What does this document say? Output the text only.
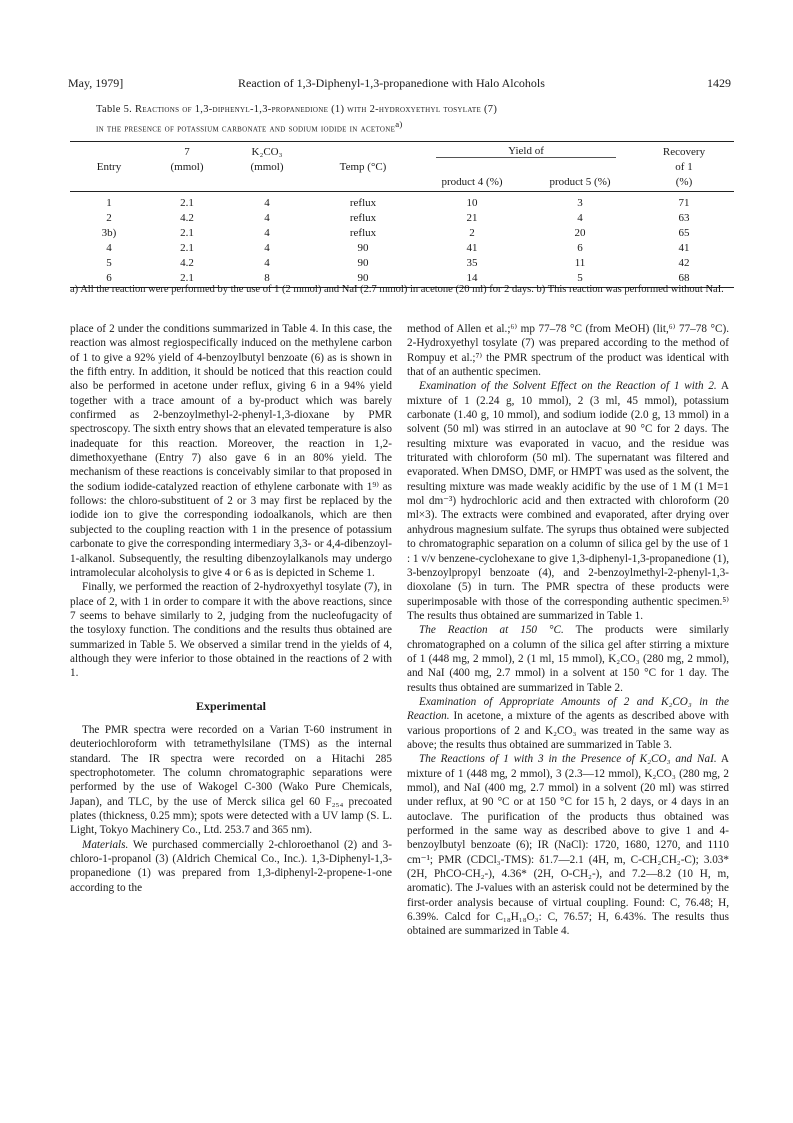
May, 1979]	Reaction of 1,3-Diphenyl-1,3-propanedione with Halo Alcohols	1429
Table 5. Reactions of 1,3-diphenyl-1,3-propanedione (1) with 2-hydroxyethyl tosylate (7)
in the presence of potassium carbonate and sodium iodide in acetone$^{a)}$
	7	K₂CO₃		Yield of		Recovery
Entry	(mmol)	(mmol)	Temp (°C)			of 1
				product 4 (%)	product 5 (%)	(%)
1	2.1	4	reflux	10	3	71
2	4.2	4	reflux	21	4	63
3b)	2.1	4	reflux	2	20	65
4	2.1	4	90	41	6	41
5	4.2	4	90	35	11	42
6	2.1	8	90	14	5	68
a) All the reaction were performed by the use of 1 (2 mmol) and NaI (2.7 mmol) in acetone (20 ml) for 2 days. b) This reaction was performed without NaI.

place of 2 under the conditions summarized in Table 4. In this case, the reaction was almost regiospecifically induced on the methylene carbon of 1 to give a 92% yield of 4-benzoylbutyl benzoate (6) as is shown in the fifth entry. In addition, it should be noticed that this reaction could also be performed in acetone under reflux, giving 6 in a 94% yield together with a trace amount of a by-product which was barely confirmed as 2-benzoylmethyl-2-phenyl-1,3-dioxane by PMR spectroscopy. The sixth entry shows that an elevated temperature is also inadequate for this reaction. Moreover, the reaction in 1,2-dimethoxyethane (Entry 7) also gave 6 in an 80% yield. The mechanism of these reactions is conceivably similar to that proposed in the sodium iodide-catalyzed reaction of ethylene carbonate with 1⁹⁾ as follows: the chloro-substituent of 2 or 3 may first be replaced by the iodide ion to give the corresponding iodoalkanols, which are then subjected to the coupling reaction with 1 in the presence of potassium carbonate to give the corresponding intermediary 3,3- or 4,4-dibenzoyl-1-alkanol. Subsequently, the resulting dibenzoylalkanols may undergo intramolecular alcoholysis to give 4 or 6 as is depicted in Scheme 1.

Finally, we performed the reaction of 2-hydroxyethyl tosylate (7), in place of 2, with 1 in order to compare it with the above reactions, since 7 seems to behave similarly to 2, judging from the nucleofugacity of the tosyloxy function. The conditions and the results thus obtained are summarized in Table 5. We observed a similar trend in the yields of 4, although they were inferior to those obtained in the reactions of 2 with 1.

Experimental

The PMR spectra were recorded on a Varian T-60 instrument in deuteriochloroform with tetramethylsilane (TMS) as the internal standard. The IR spectra were recorded on a Hitachi 285 spectrophotometer. The column chromatographic separations were performed by the use of Wakogel C-300 (Wako Pure Chemicals, Japan), and TLC, by the use of Merck silica gel 60 F₂₅₄ precoated plates (thickness, 0.25 mm); spots were detected with a UV lamp (S. L. Light, Tokyo Machinery Co., Ltd. 253.7 and 365 nm).

Materials. We purchased commercially 2-chloroethanol (2) and 3-chloro-1-propanol (3) (Aldrich Chemical Co., Inc.). 1,3-Diphenyl-1,3-propanedione (1) was prepared from 1,3-diphenyl-2-propene-1-one according to the

method of Allen et al.;⁶⁾ mp 77–78 °C (from MeOH) (lit,⁶⁾ 77–78 °C). 2-Hydroxyethyl tosylate (7) was prepared according to the method of Rompuy et al.;⁷⁾ the PMR spectrum of the product was identical with that of an authentic specimen.

Examination of the Solvent Effect on the Reaction of 1 with 2. A mixture of 1 (2.24 g, 10 mmol), 2 (3 ml, 45 mmol), potassium carbonate (1.40 g, 10 mmol), and sodium iodide (2.0 g, 13 mmol) in a solvent (50 ml) was stirred in an autoclave at 90 °C for 2 days. The resulting mixture was evaporated in vacuo, and the residue was triturated with chloroform (50 ml). The supernatant was filtered and evaporated. When DMSO, DMF, or HMPT was used as the solvent, the resulting mixture was made weakly acidific by the use of 1 M (1 M=1 mol dm⁻³) hydrochloric acid and then extracted with chloroform (20 ml×3). The extracts were combined and evaporated, after drying over anhydrous magnesium sulfate. The syrups thus obtained were subjected to chromatographic separation on a column of silica gel by the use of 1 : 1 v/v benzene-cyclohexane to give 1,3-diphenyl-1,3-propanedione (1), 3-benzoylpropyl benzoate (4), and 2-benzoylmethyl-2-phenyl-1,3-dioxolane (5) in turn. The PMR spectra of these products were superimposable with those of the corresponding authentic specimen.⁵⁾ The results thus obtained are summarized in Table 1.

The Reaction at 150 °C. The products were similarly chromatographed on a column of the silica gel after stirring a mixture of 1 (448 mg, 2 mmol), 2 (1 ml, 15 mmol), K₂CO₃ (280 mg, 2 mmol), and NaI (400 mg, 2.7 mmol) in a solvent at 150 °C for 1 day. The results thus obtained are summarized in Table 2.

Examination of Appropriate Amounts of 2 and K₂CO₃ in the Reaction. In acetone, a mixture of the agents as described above with various proportions of 2 and K₂CO₃ was treated in the same way as above; the results thus obtained are summarized in Table 3.

The Reactions of 1 with 3 in the Presence of K₂CO₃ and NaI. A mixture of 1 (448 mg, 2 mmol), 3 (2.3—12 mmol), K₂CO₃ (280 mg, 2 mmol), and NaI (400 mg, 2.7 mmol) in a solvent (20 ml) was stirred under reflux, at 90 °C or at 150 °C for 15 h, 2 days, or 4 days in an autoclave. The purification of the products thus obtained was performed in the same way as described above to give 1 and 4-benzoylbutyl benzoate (6); IR (NaCl): 1720, 1680, 1270, and 1110 cm⁻¹; PMR (CDCl₃-TMS): δ1.7—2.1 (4H, m, C-CH₂CH₂-C); 3.03* (2H, PhCO-CH₂-), 4.36* (2H, O-CH₂-), and 7.2—8.2 (10 H, m, aromatic). The J-values with an asterisk could not be determined by the first-order analysis because of virtual coupling. Found: C, 76.48; H, 6.39%. Calcd for C₁₈H₁₈O₃: C, 76.57; H, 6.43%. The results thus obtained are summarized in Table 4.
